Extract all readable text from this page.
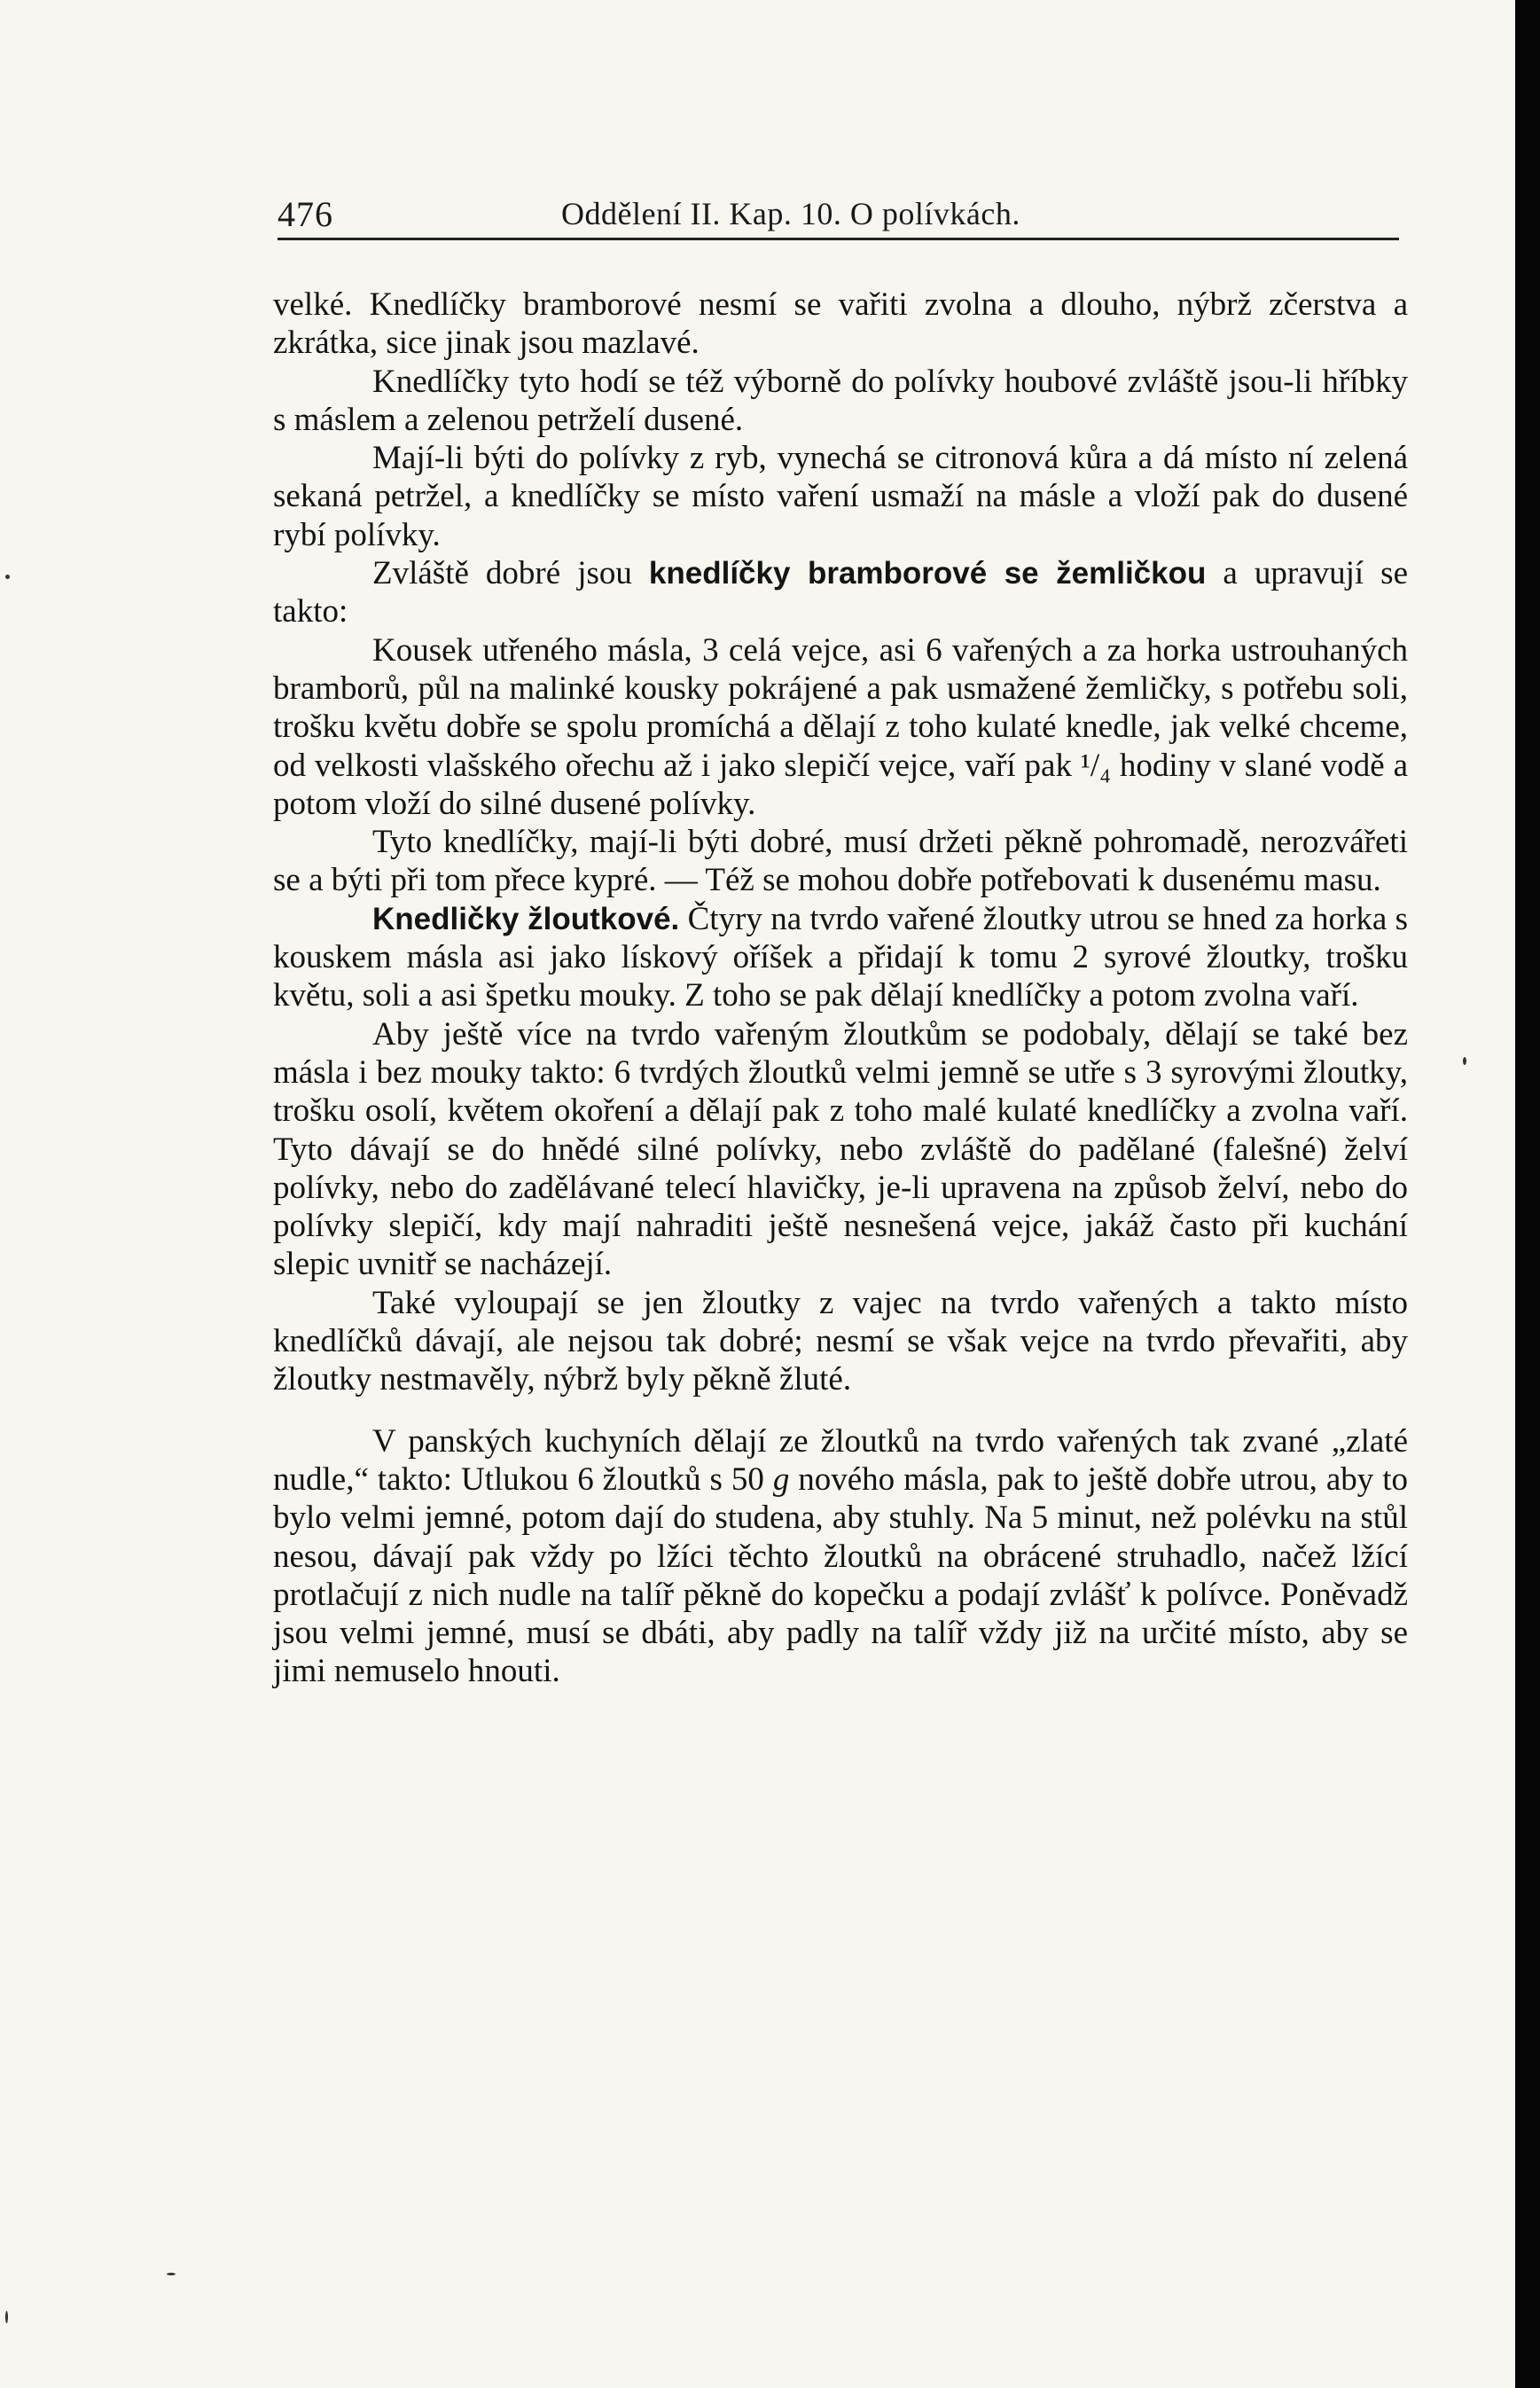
476	Oddělení II. Kap. 10. O polívkách.

velké. Knedlíčky bramborové nesmí se vařiti zvolna a dlouho, nýbrž zčerstva a zkrátka, sice jinak jsou mazlavé.

Knedlíčky tyto hodí se též výborně do polívky houbové zvláště jsou-li hříbky s máslem a zelenou petrželí dusené.

Mají-li býti do polívky z ryb, vynechá se citronová kůra a dá místo ní zelená sekaná petržel, a knedlíčky se místo vaření usmaží na másle a vloží pak do dusené rybí polívky.

Zvláště dobré jsou knedlíčky bramborové se žemličkou a upravují se takto:

Kousek utřeného másla, 3 celá vejce, asi 6 vařených a za horka ustrouhaných bramborů, půl na malinké kousky pokrájené a pak usmažené žemličky, s potřebu soli, trošku květu dobře se spolu promíchá a dělají z toho kulaté knedle, jak velké chceme, od velkosti vlašského ořechu až i jako slepičí vejce, vaří pak ¹/₄ hodiny v slané vodě a potom vloží do silné dusené polívky.

Tyto knedlíčky, mají-li býti dobré, musí držeti pěkně pohromadě, nerozvářeti se a býti při tom přece kypré. — Též se mohou dobře potřebovati k dusenému masu.

Knedličky žloutkové. Čtyry na tvrdo vařené žloutky utrou se hned za horka s kouskem másla asi jako lískový oříšek a přidají k tomu 2 syrové žloutky, trošku květu, soli a asi špetku mouky. Z toho se pak dělají knedlíčky a potom zvolna vaří.

Aby ještě více na tvrdo vařeným žloutkům se podobaly, dělají se také bez másla i bez mouky takto: 6 tvrdých žloutků velmi jemně se utře s 3 syrovými žloutky, trošku osolí, květem okoření a dělají pak z toho malé kulaté knedlíčky a zvolna vaří. Tyto dávají se do hnědé silné polívky, nebo zvláště do padělané (falešné) želví polívky, nebo do zadělávané telecí hlavičky, je-li upravena na způsob želví, nebo do polívky slepičí, kdy mají nahraditi ještě nesnešená vejce, jakáž často při kuchání slepic uvnitř se nacházejí.

Také vyloupají se jen žloutky z vajec na tvrdo vařených a takto místo knedlíčků dávají, ale nejsou tak dobré; nesmí se však vejce na tvrdo převařiti, aby žloutky nestmavěly, nýbrž byly pěkně žluté.

V panských kuchyních dělají ze žloutků na tvrdo vařených tak zvané „zlaté nudle,“ takto: Utlukou 6 žloutků s 50 g nového másla, pak to ještě dobře utrou, aby to bylo velmi jemné, potom dají do studena, aby stuhly. Na 5 minut, než polévku na stůl nesou, dávají pak vždy po lžíci těchto žloutků na obrácené struhadlo, načež lžící protlačují z nich nudle na talíř pěkně do kopečku a podají zvlášť k polívce. Poněvadž jsou velmi jemné, musí se dbáti, aby padly na talíř vždy již na určité místo, aby se jimi nemuselo hnouti.
